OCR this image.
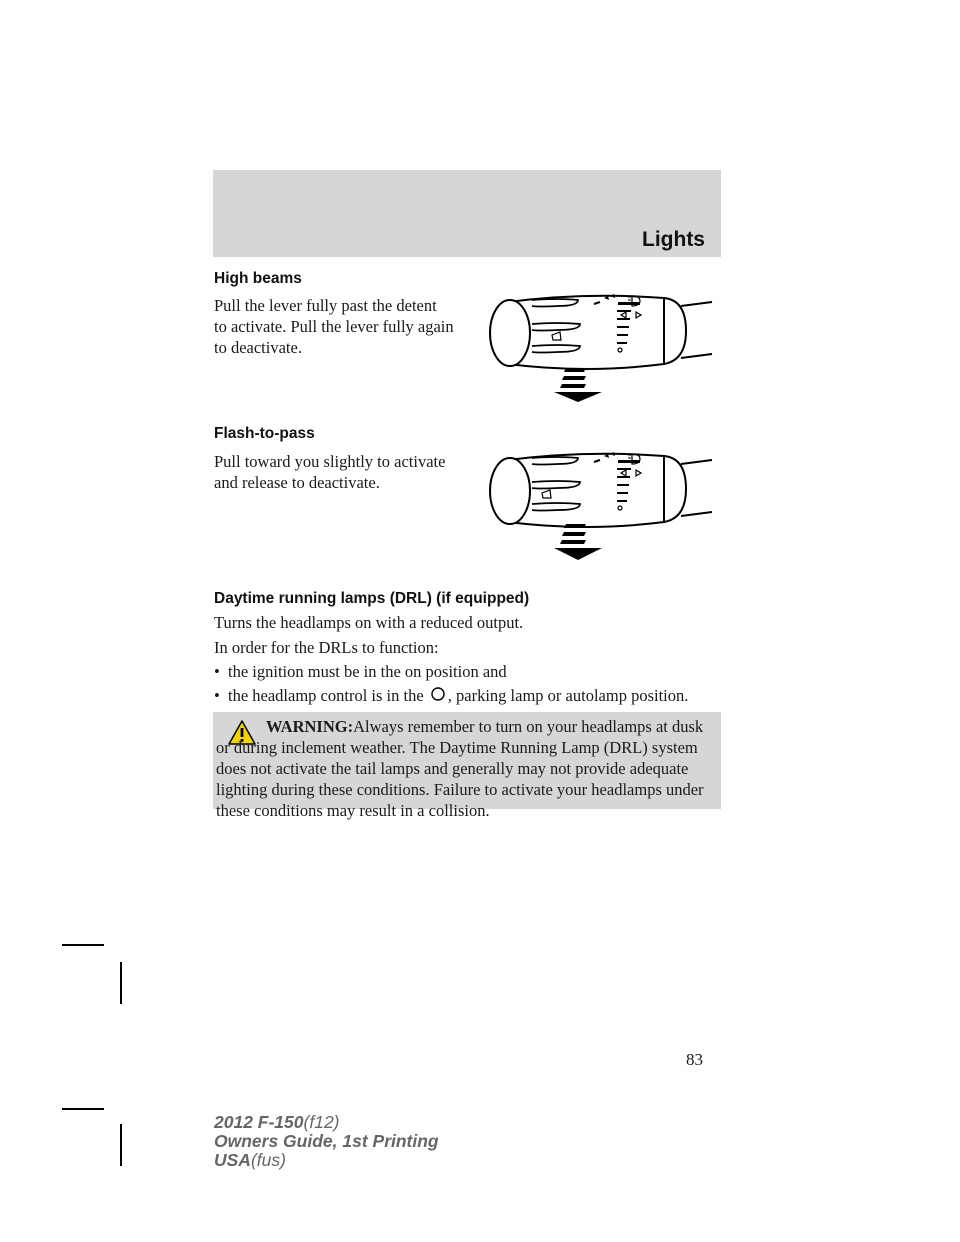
Lights
High beams
Pull the lever fully past the detent
to activate. Pull the lever fully again
to deactivate.
Flash-to-pass
Pull toward you slightly to activate
and release to deactivate.
Daytime running lamps (DRL) (if equipped)
Turns the headlamps on with a reduced output.
In order for the DRLs to function:
• the ignition must be in the on position and
• the headlamp control is in the , parking lamp or autolamp position.
WARNING:Always remember to turn on your headlamps at dusk or during inclement weather. The Daytime Running Lamp (DRL) system does not activate the tail lamps and generally may not provide adequate lighting during these conditions. Failure to activate your headlamps under these conditions may result in a collision.
83
2012 F-150(f12)
Owners Guide, 1st Printing
USA(fus)
